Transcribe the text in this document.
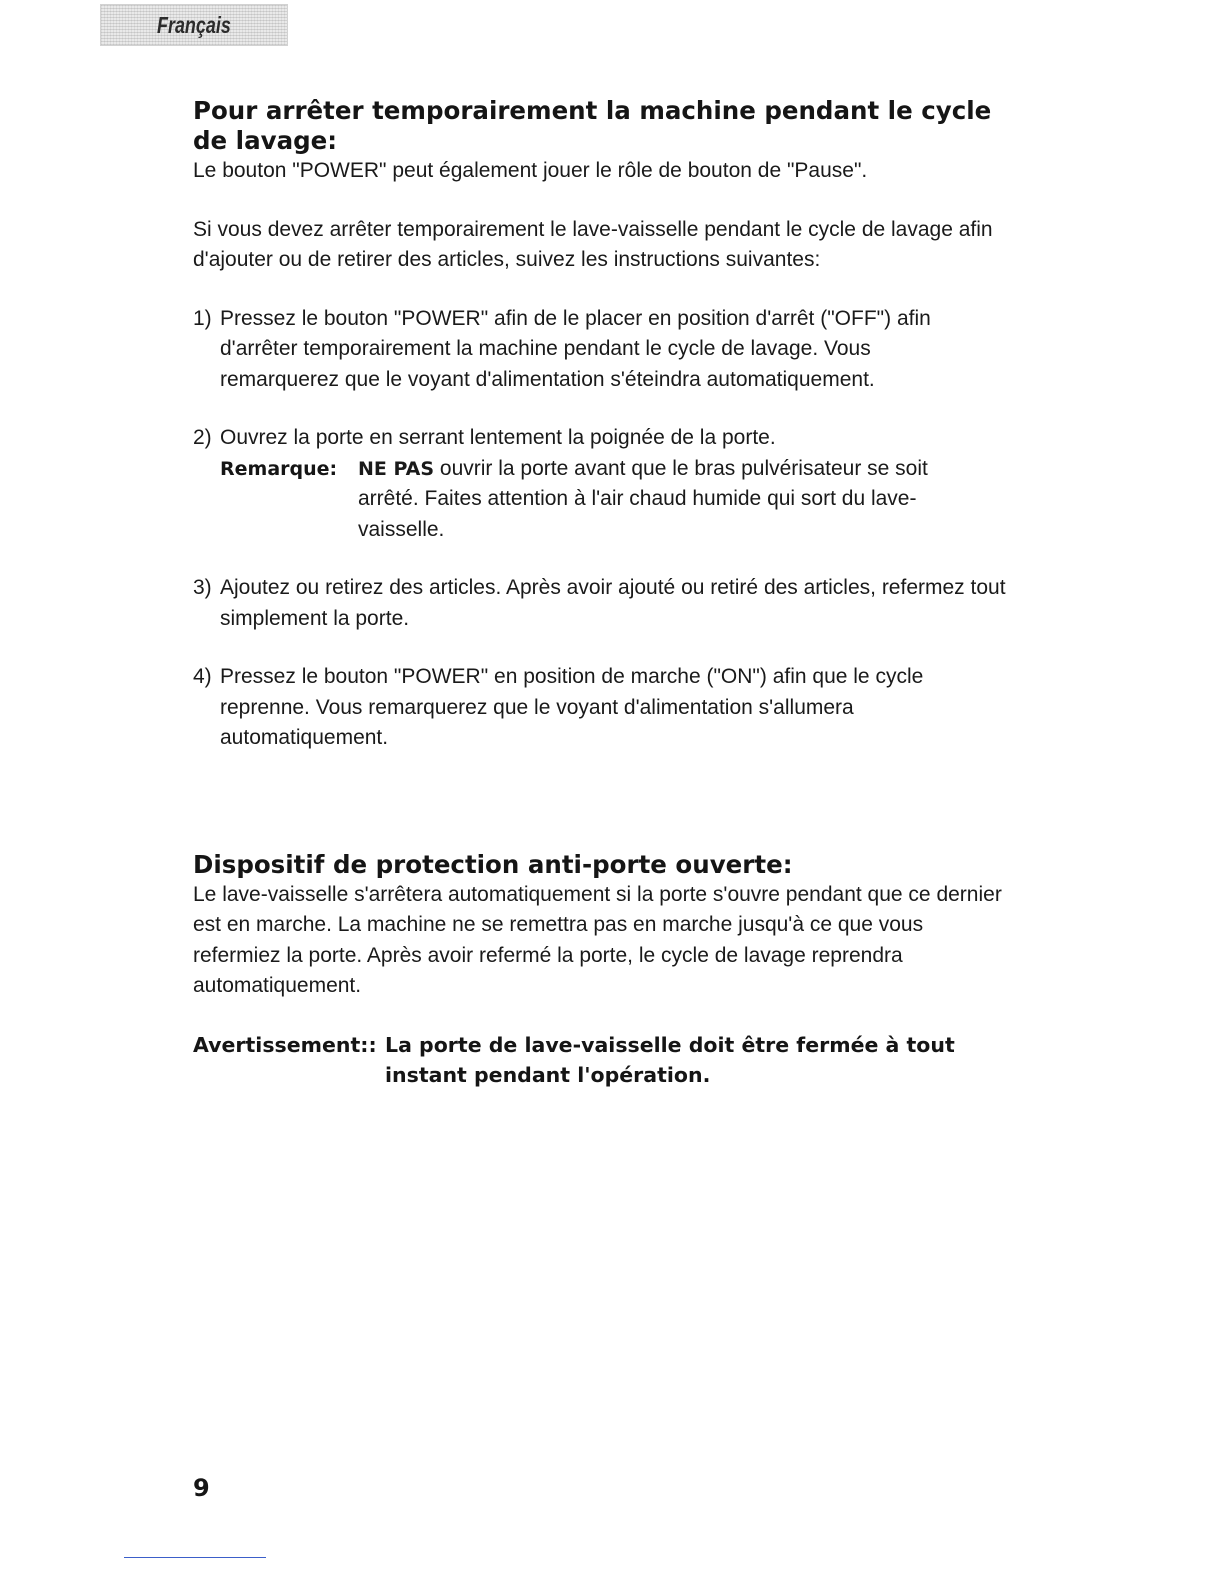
Français
Pour arrêter temporairement la machine pendant le cycle de lavage:

Le bouton "POWER" peut également jouer le rôle de bouton de "Pause".

Si vous devez arrêter temporairement le lave-vaisselle pendant le cycle de lavage afin d'ajouter ou de retirer des articles, suivez les instructions suivantes:

1) Pressez le bouton "POWER" afin de le placer en position d'arrêt ("OFF") afin d'arrêter temporairement la machine pendant le cycle de lavage. Vous remarquerez que le voyant d'alimentation s'éteindra automatiquement.
2) Ouvrez la porte en serrant lentement la poignée de la porte.
Remarque:	NE PAS ouvrir la porte avant que le bras pulvérisateur se soit arrêté. Faites attention à l'air chaud humide qui sort du lave-vaisselle.
3) Ajoutez ou retirez des articles. Après avoir ajouté ou retiré des articles, refermez tout simplement la porte.
4) Pressez le bouton "POWER" en position de marche ("ON") afin que le cycle reprenne. Vous remarquerez que le voyant d'alimentation s'allumera automatiquement.
Dispositif de protection anti-porte ouverte:

Le lave-vaisselle s'arrêtera automatiquement si la porte s'ouvre pendant que ce dernier est en marche. La machine ne se remettra pas en marche jusqu'à ce que vous refermiez la porte. Après avoir refermé la porte, le cycle de lavage reprendra automatiquement.

Avertissement:: La porte de lave-vaisselle doit être fermée à tout instant pendant l'opération.
9
